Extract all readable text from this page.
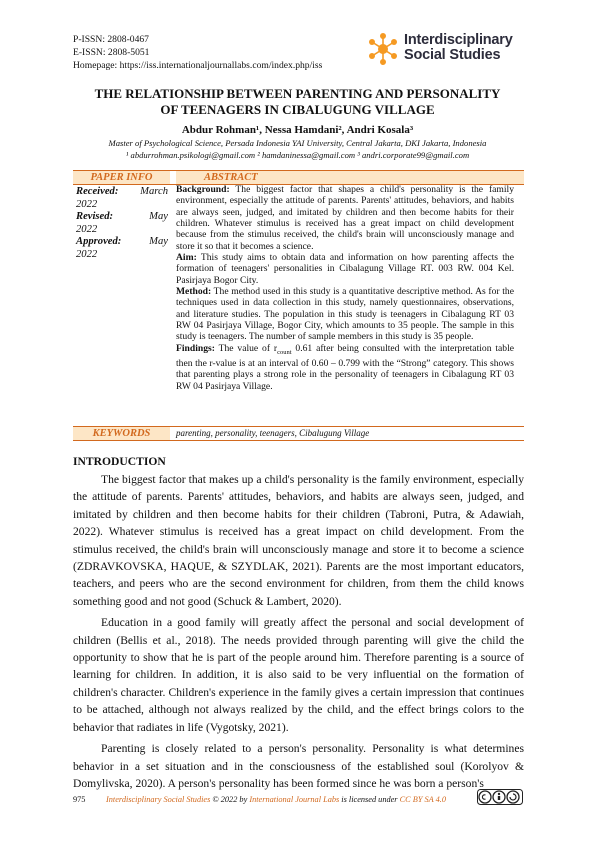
P-ISSN: 2808-0467
E-ISSN: 2808-5051
Homepage: https://iss.internationaljournallabs.com/index.php/iss
Interdisciplinary
Social Studies
THE RELATIONSHIP BETWEEN PARENTING AND PERSONALITY
OF TEENAGERS IN CIBALUGUNG VILLAGE
Abdur Rohman¹, Nessa Hamdani², Andri Kosala³
Master of Psychological Science, Persada Indonesia YAI University, Central Jakarta, DKI Jakarta, Indonesia
¹ abdurrohman.psikologi@gmail.com ² hamdaninessa@gmail.com ³ andri.corporate99@gmail.com
PAPER INFO	ABSTRACT
Received: March
2022
Revised:	May
2022
Approved:	May
2022

Background: The biggest factor that shapes a child's personality is the family environment, especially the attitude of parents. Parents' attitudes, behaviors, and habits are always seen, judged, and imitated by children and then become habits for their children. Whatever stimulus is received has a great impact on child development because from the stimulus received, the child's brain will unconsciously manage and store it so that it becomes a science.

Aim: This study aims to obtain data and information on how parenting affects the formation of teenagers' personalities in Cibalagung Village RT. 003 RW. 004 Kel. Pasirjaya Bogor City.

Method: The method used in this study is a quantitative descriptive method. As for the techniques used in data collection in this study, namely questionnaires, observations, and literature studies. The population in this study is teenagers in Cibalagung RT 03 RW 04 Pasirjaya Village, Bogor City, which amounts to 35 people. The sample in this study is teenagers. The number of sample members in this study is 35 people.

Findings: The value of $r_{count}$ 0.61 after being consulted with the interpretation table then the r-value is at an interval of 0.60 – 0.799 with the “Strong” category. This shows that parenting plays a strong role in the personality of teenagers in Cibalagung RT 03 RW 04 Pasirjaya Village.

KEYWORDS	parenting, personality, teenagers, Cibalugung Village
INTRODUCTION

The biggest factor that makes up a child's personality is the family environment, especially the attitude of parents. Parents' attitudes, behaviors, and habits are always seen, judged, and imitated by children and then become habits for their children (Tabroni, Putra, & Adawiah, 2022). Whatever stimulus is received has a great impact on child development. From the stimulus received, the child's brain will unconsciously manage and store it to become a science (ZDRAVKOVSKA, HAQUE, & SZYDLAK, 2021). Parents are the most important educators, teachers, and peers who are the second environment for children, from them the child knows something good and not good (Schuck & Lambert, 2020).

Education in a good family will greatly affect the personal and social development of children (Bellis et al., 2018). The needs provided through parenting will give the child the opportunity to show that he is part of the people around him. Therefore parenting is a source of learning for children. In addition, it is also said to be very influential on the formation of children's character. Children's experience in the family gives a certain impression that continues to be attached, although not always realized by the child, and the effect brings colors to the behavior that radiates in life (Vygotsky, 2021).

Parenting is closely related to a person's personality. Personality is what determines behavior in a set situation and in the consciousness of the established soul (Korolyov & Domylivska, 2020). A person's personality has been formed since he was born a person's

975 Interdisciplinary Social Studies © 2022 by International Journal Labs is licensed under CC BY SA 4.0
